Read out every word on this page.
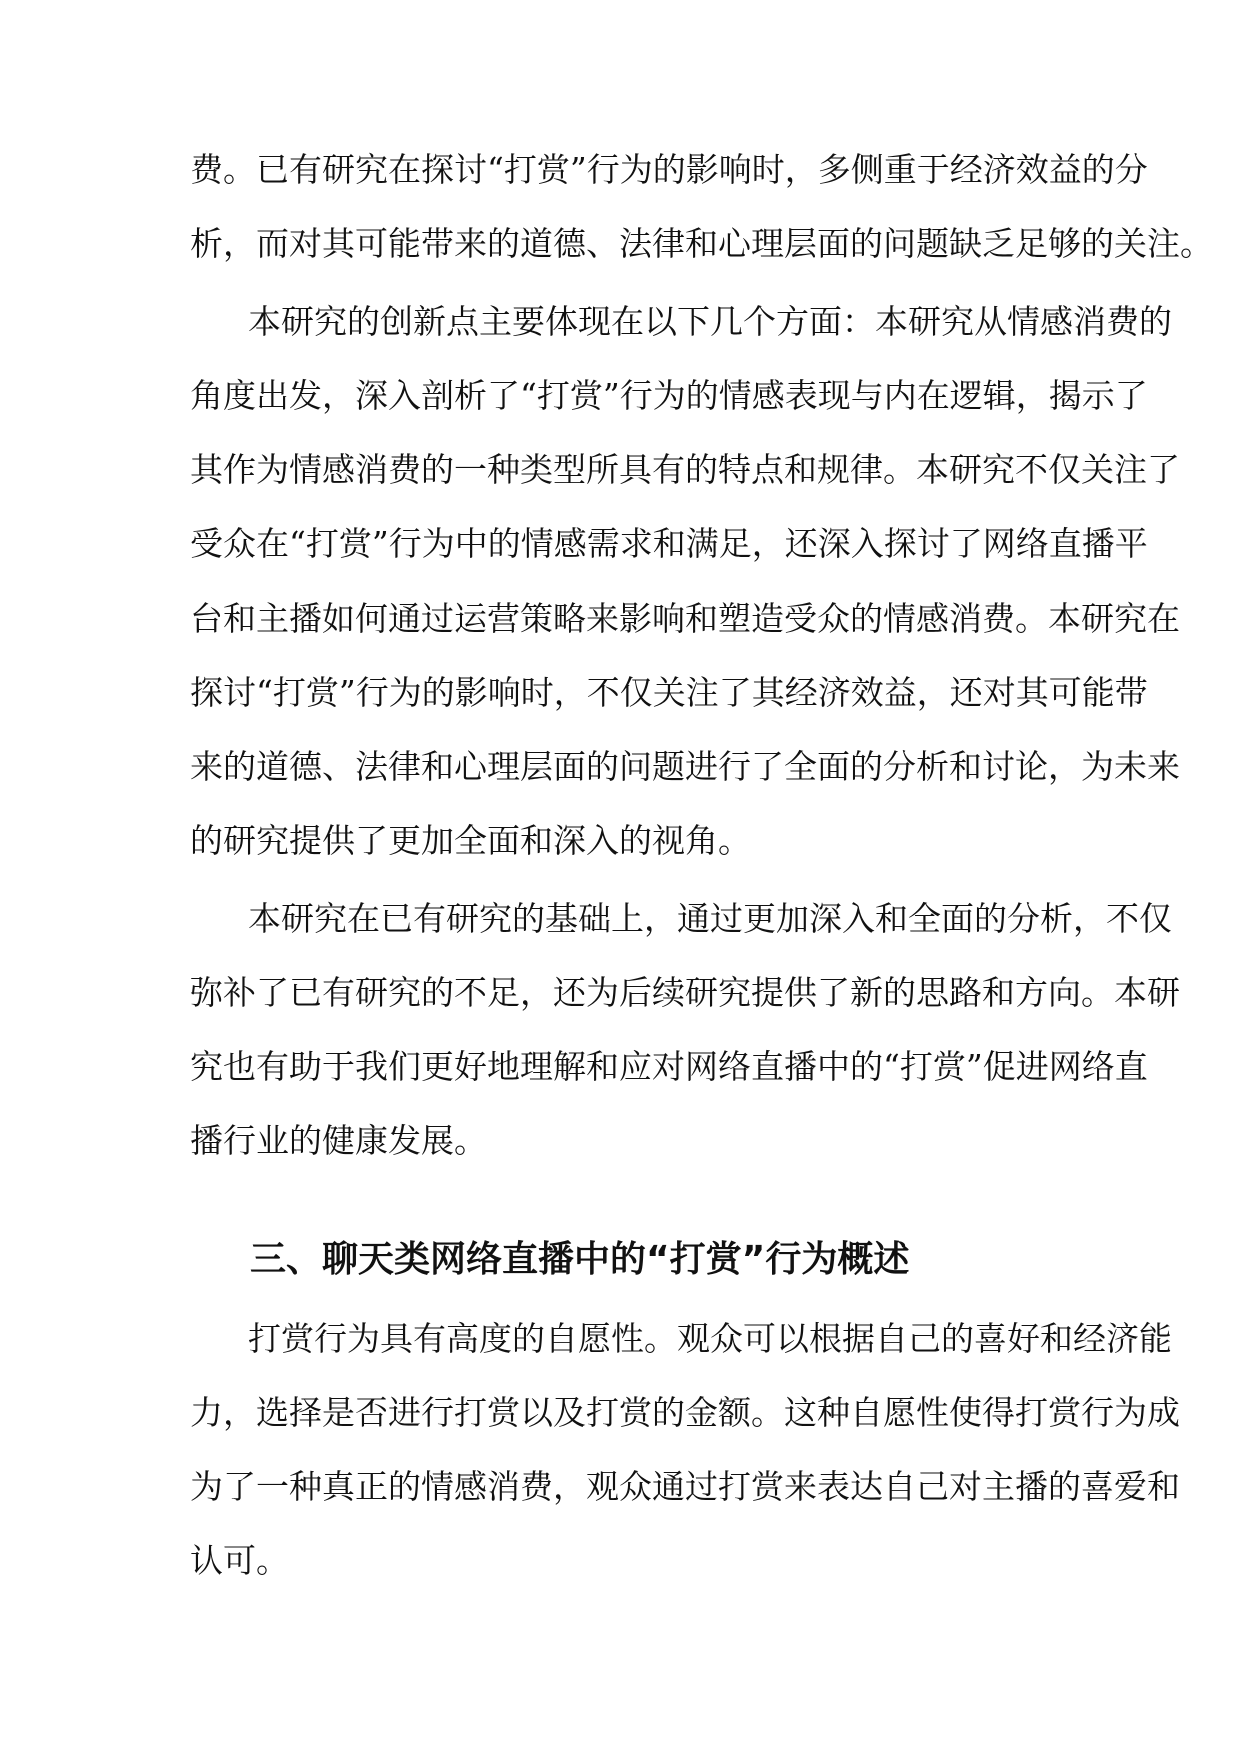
费。已有研究在探讨“打赏”行为的影响时，多侧重于经济效益的分
析，而对其可能带来的道德、法律和心理层面的问题缺乏足够的关注。
本研究的创新点主要体现在以下几个方面：本研究从情感消费的
角度出发，深入剖析了“打赏”行为的情感表现与内在逻辑，揭示了
其作为情感消费的一种类型所具有的特点和规律。本研究不仅关注了
受众在“打赏”行为中的情感需求和满足，还深入探讨了网络直播平
台和主播如何通过运营策略来影响和塑造受众的情感消费。本研究在
探讨“打赏”行为的影响时，不仅关注了其经济效益，还对其可能带
来的道德、法律和心理层面的问题进行了全面的分析和讨论，为未来
的研究提供了更加全面和深入的视角。
本研究在已有研究的基础上，通过更加深入和全面的分析，不仅
弥补了已有研究的不足，还为后续研究提供了新的思路和方向。本研
究也有助于我们更好地理解和应对网络直播中的“打赏”促进网络直
播行业的健康发展。
三、聊天类网络直播中的“打赏”行为概述
打赏行为具有高度的自愿性。观众可以根据自己的喜好和经济能
力，选择是否进行打赏以及打赏的金额。这种自愿性使得打赏行为成
为了一种真正的情感消费，观众通过打赏来表达自己对主播的喜爱和
认可。
